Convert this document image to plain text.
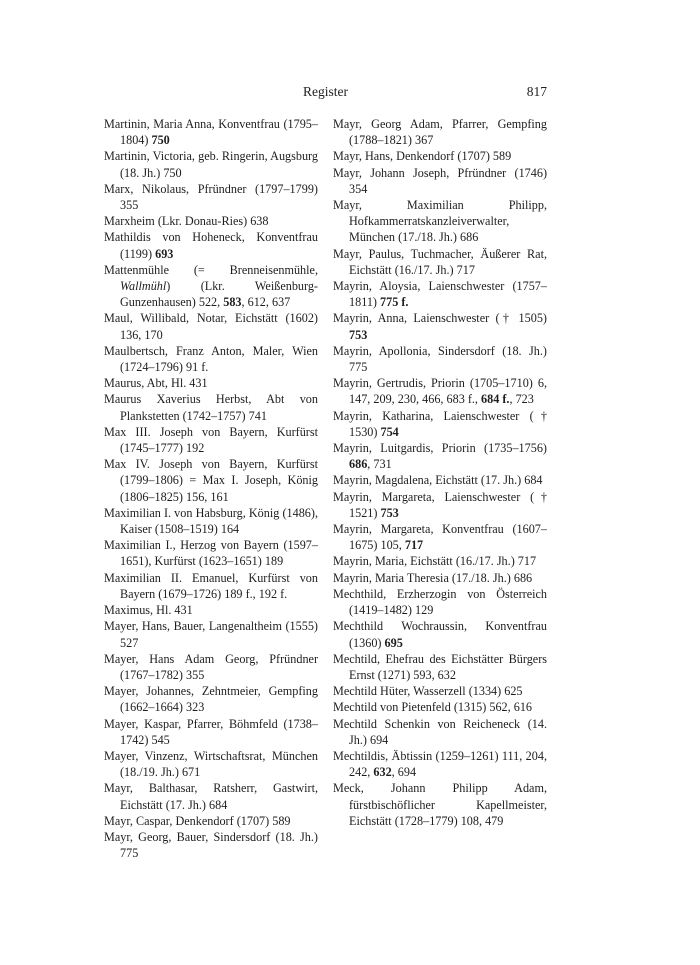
Register	817

Martinin, Maria Anna, Konventfrau (1795–1804) 750

Martinin, Victoria, geb. Ringerin, Augsburg (18. Jh.) 750

Marx, Nikolaus, Pfründner (1797–1799) 355

Marxheim (Lkr. Donau-Ries) 638

Mathildis von Hoheneck, Konventfrau (1199) 693

Mattenmühle (= Brenneisenmühle, Wallmühl) (Lkr. Weißenburg-Gunzenhausen) 522, 583, 612, 637

Maul, Willibald, Notar, Eichstätt (1602) 136, 170

Maulbertsch, Franz Anton, Maler, Wien (1724–1796) 91 f.

Maurus, Abt, Hl. 431

Maurus Xaverius Herbst, Abt von Plankstetten (1742–1757) 741

Max III. Joseph von Bayern, Kurfürst (1745–1777) 192

Max IV. Joseph von Bayern, Kurfürst (1799–1806) = Max I. Joseph, König (1806–1825) 156, 161

Maximilian I. von Habsburg, König (1486), Kaiser (1508–1519) 164

Maximilian I., Herzog von Bayern (1597–1651), Kurfürst (1623–1651) 189

Maximilian II. Emanuel, Kurfürst von Bayern (1679–1726) 189 f., 192 f.

Maximus, Hl. 431

Mayer, Hans, Bauer, Langenaltheim (1555) 527

Mayer, Hans Adam Georg, Pfründner (1767–1782) 355

Mayer, Johannes, Zehntmeier, Gempfing (1662–1664) 323

Mayer, Kaspar, Pfarrer, Böhmfeld (1738–1742) 545

Mayer, Vinzenz, Wirtschaftsrat, München (18./19. Jh.) 671

Mayr, Balthasar, Ratsherr, Gastwirt, Eichstätt (17. Jh.) 684

Mayr, Caspar, Denkendorf (1707) 589

Mayr, Georg, Bauer, Sindersdorf (18. Jh.) 775

Mayr, Georg Adam, Pfarrer, Gempfing (1788–1821) 367

Mayr, Hans, Denkendorf (1707) 589

Mayr, Johann Joseph, Pfründner (1746) 354

Mayr, Maximilian Philipp, Hofkammerratskanzleiverwalter, München (17./18. Jh.) 686

Mayr, Paulus, Tuchmacher, Äußerer Rat, Eichstätt (16./17. Jh.) 717

Mayrin, Aloysia, Laienschwester (1757–1811) 775 f.

Mayrin, Anna, Laienschwester († 1505) 753

Mayrin, Apollonia, Sindersdorf (18. Jh.) 775

Mayrin, Gertrudis, Priorin (1705–1710) 6, 147, 209, 230, 466, 683 f., 684 f., 723

Mayrin, Katharina, Laienschwester († 1530) 754

Mayrin, Luitgardis, Priorin (1735–1756) 686, 731

Mayrin, Magdalena, Eichstätt (17. Jh.) 684

Mayrin, Margareta, Laienschwester († 1521) 753

Mayrin, Margareta, Konventfrau (1607–1675) 105, 717

Mayrin, Maria, Eichstätt (16./17. Jh.) 717

Mayrin, Maria Theresia (17./18. Jh.) 686

Mechthild, Erzherzogin von Österreich (1419–1482) 129

Mechthild Wochraussin, Konventfrau (1360) 695

Mechtild, Ehefrau des Eichstätter Bürgers Ernst (1271) 593, 632

Mechtild Hüter, Wasserzell (1334) 625

Mechtild von Pietenfeld (1315) 562, 616

Mechtild Schenkin von Reicheneck (14. Jh.) 694

Mechtildis, Äbtissin (1259–1261) 111, 204, 242, 632, 694

Meck, Johann Philipp Adam, fürstbischöflicher Kapellmeister, Eichstätt (1728–1779) 108, 479
